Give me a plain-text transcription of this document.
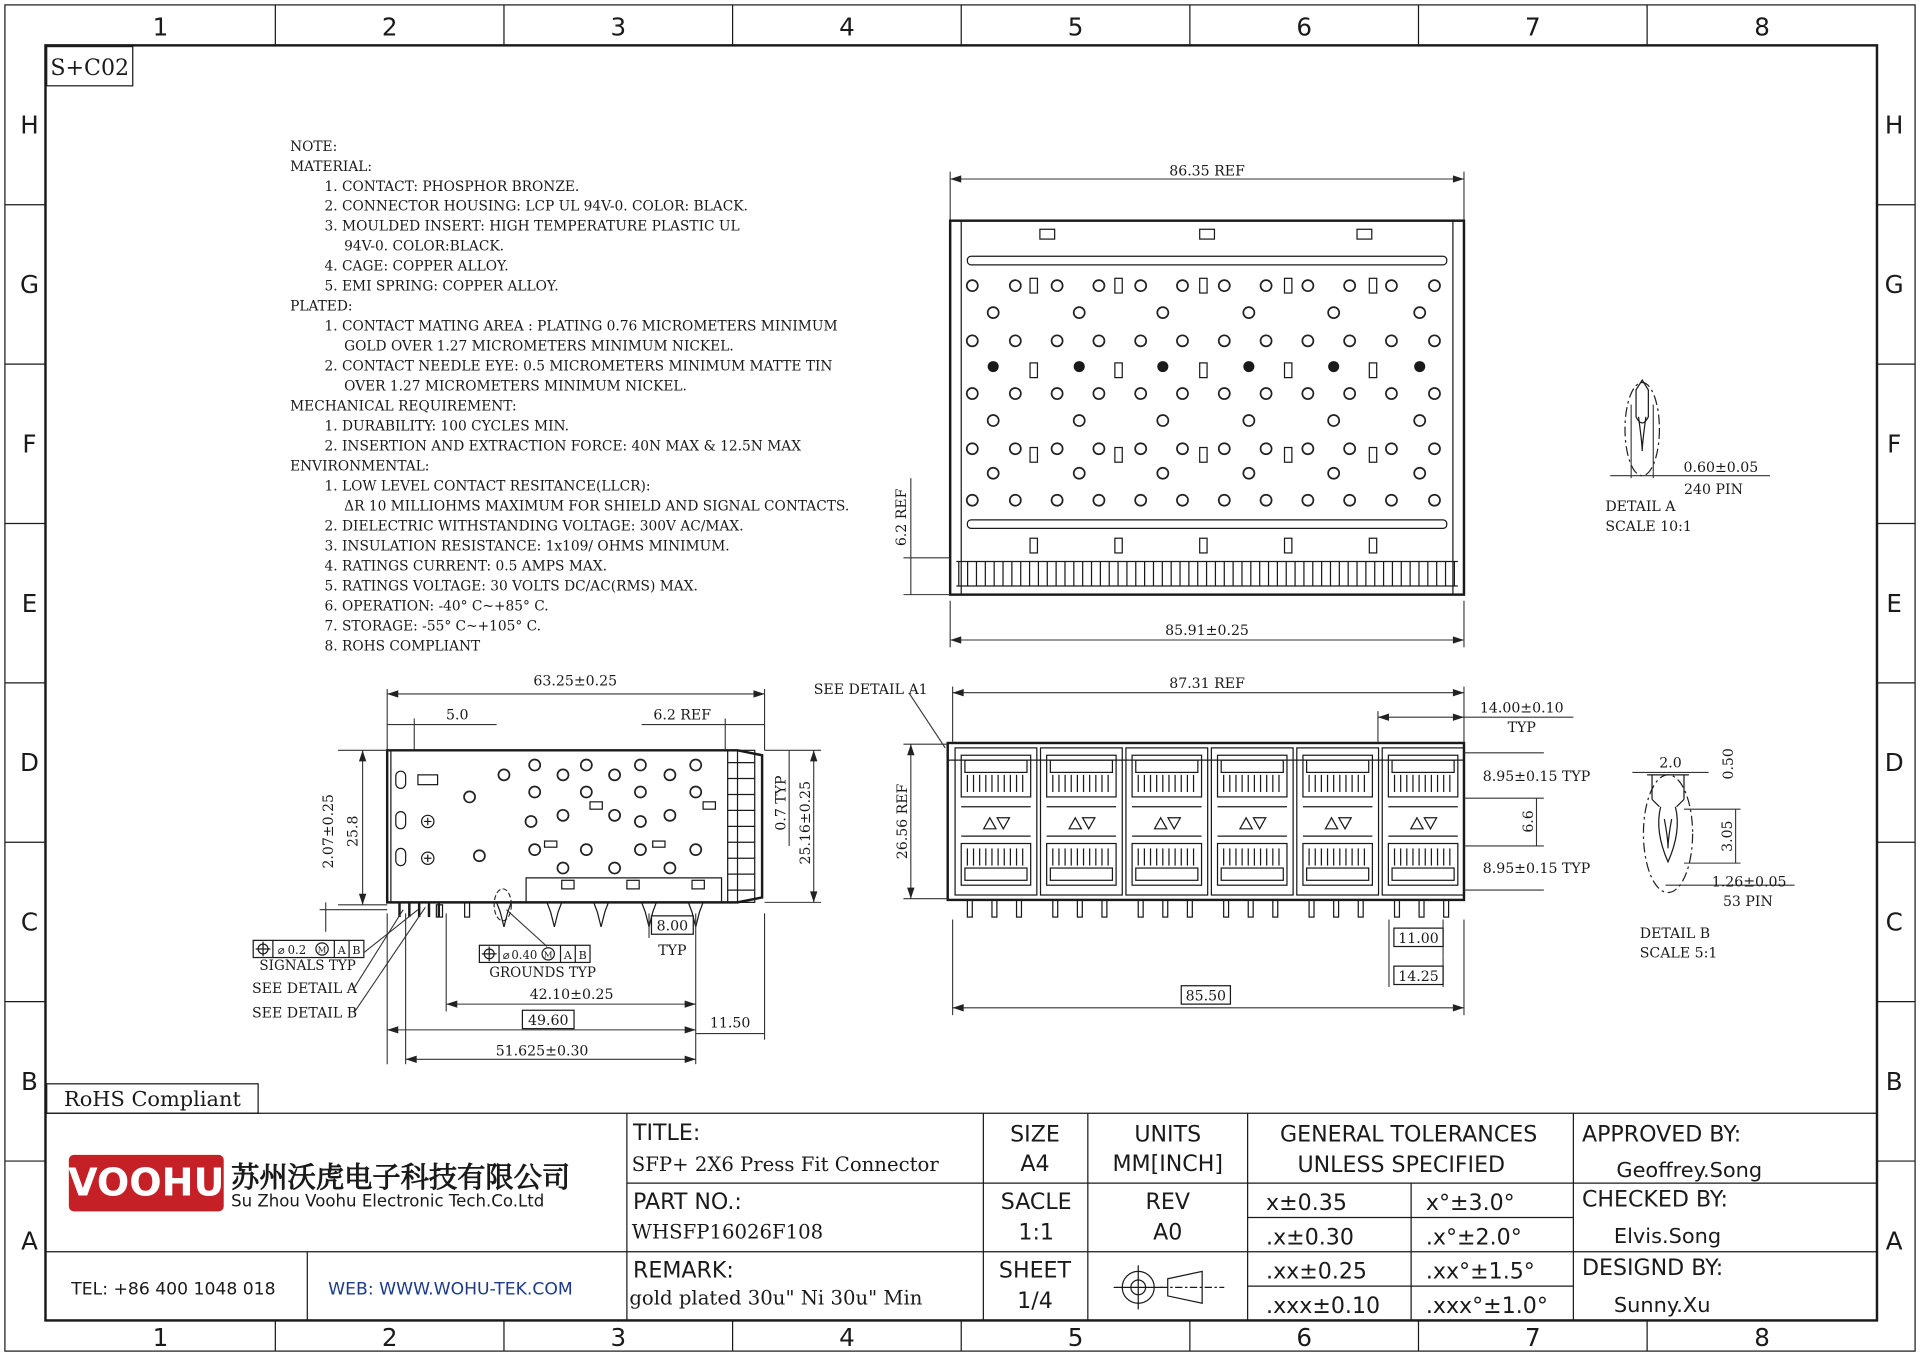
1	2	3	4	5	6	7	8
1	2	3	4	5	6	7	8
H
G
F
E
D
C
B
A
H
G
F
E
D
C
B
A
S+C02
NOTE:
MATERIAL:
1. CONTACT: PHOSPHOR BRONZE.
2. CONNECTOR HOUSING: LCP UL 94V-0. COLOR: BLACK.
3. MOULDED INSERT: HIGH TEMPERATURE PLASTIC UL
94V-0. COLOR:BLACK.
4. CAGE: COPPER ALLOY.
5. EMI SPRING: COPPER ALLOY.
PLATED:
1. CONTACT MATING AREA : PLATING 0.76 MICROMETERS MINIMUM
GOLD OVER 1.27 MICROMETERS MINIMUM NICKEL.
2. CONTACT NEEDLE EYE: 0.5 MICROMETERS MINIMUM MATTE TIN
OVER 1.27 MICROMETERS MINIMUM NICKEL.
MECHANICAL REQUIREMENT:
1. DURABILITY: 100 CYCLES MIN.
2. INSERTION AND EXTRACTION FORCE: 40N MAX & 12.5N MAX
ENVIRONMENTAL:
1. LOW LEVEL CONTACT RESITANCE(LLCR):
ΔR 10 MILLIOHMS MAXIMUM FOR SHIELD AND SIGNAL CONTACTS.
2. DIELECTRIC WITHSTANDING VOLTAGE: 300V AC/MAX.
3. INSULATION RESISTANCE: 1x109/ OHMS MINIMUM.
4. RATINGS CURRENT: 0.5 AMPS MAX.
5. RATINGS VOLTAGE: 30 VOLTS DC/AC(RMS) MAX.
6. OPERATION: -40° C~+85° C.
7. STORAGE: -55° C~+105° C.
8. ROHS COMPLIANT
86.35 REF
6.2 REF
85.91±0.25
0.60±0.05
240 PIN
DETAIL A
SCALE 10:1
63.25±0.25
5.0	6.2 REF
25.8
2.07±0.25	25.16±0.25
0.7 TYP
8.00
TYP
⌀ 0.2 M A B
SIGNALS TYP
SEE DETAIL A
SEE DETAIL B
⌀ 0.40 M A B
GROUNDS TYP
42.10±0.25
49.60	11.50
51.625±0.30
SEE DETAIL A1	87.31 REF
14.00±0.10
TYP
26.56 REF
8.95±0.15 TYP
6.6
8.95±0.15 TYP
11.00
14.25
85.50
2.0	0.50
3.05
1.26±0.05
53 PIN
DETAIL B
SCALE 5:1
RoHS Compliant
VOOHU 苏州沃虎电子科技有限公司
Su Zhou Voohu Electronic Tech.Co.Ltd
TEL: +86 400 1048 018	WEB: WWW.WOHU-TEK.COM
TITLE:
SFP+ 2X6 Press Fit Connector
PART NO.:
WHSFP16026F108
REMARK:
gold plated 30u" Ni 30u" Min
SIZE
A4
UNITS
MM[INCH]
SACLE
1:1
REV
A0
SHEET
1/4
GENERAL TOLERANCES
UNLESS SPECIFIED
x±0.35	x°±3.0°
.x±0.30	.x°±2.0°
.xx±0.25	.xx°±1.5°
.xxx±0.10	.xxx°±1.0°
APPROVED BY:
Geoffrey.Song
CHECKED BY:
Elvis.Song
DESIGND BY:
Sunny.Xu
